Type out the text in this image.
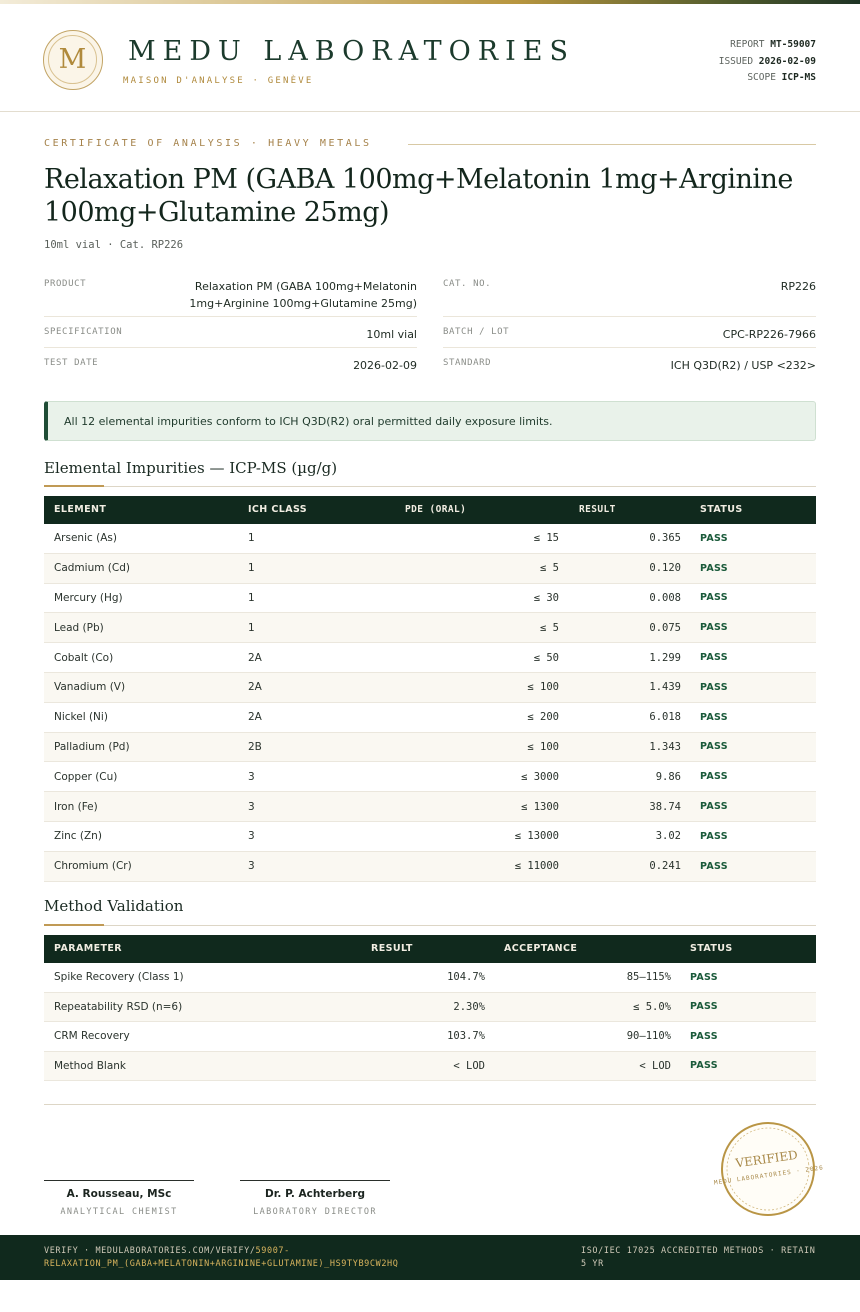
M	MEDU LABORATORIES
MAISON D'ANALYSE · GENÈVE
REPORT MT-59007
ISSUED 2026-02-09
SCOPE ICP-MS
CERTIFICATE OF ANALYSIS · HEAVY METALS
Relaxation PM (GABA 100mg+Melatonin 1mg+Arginine 100mg+Glutamine 25mg)
10ml vial · Cat. RP226
PRODUCT	Relaxation PM (GABA 100mg+Melatonin 1mg+Arginine 100mg+Glutamine 25mg)
SPECIFICATION	10ml vial
TEST DATE	2026-02-09
CAT. NO.	RP226
BATCH / LOT	CPC-RP226-7966
STANDARD	ICH Q3D(R2) / USP <232>
All 12 elemental impurities conform to ICH Q3D(R2) oral permitted daily exposure limits.
Elemental Impurities — ICP-MS (µg/g)
ELEMENT	ICH CLASS	PDE (ORAL)	RESULT	STATUS
Arsenic (As)	1	≤ 15	0.365 PASS
Cadmium (Cd)	1	≤ 5	0.120 PASS
Mercury (Hg)	1	≤ 30	0.008 PASS
Lead (Pb)	1	≤ 5	0.075 PASS
Cobalt (Co)	2A	≤ 50	1.299 PASS
Vanadium (V)	2A	≤ 100	1.439 PASS
Nickel (Ni)	2A	≤ 200	6.018 PASS
Palladium (Pd)	2B	≤ 100	1.343 PASS
Copper (Cu)	3	≤ 3000	9.86 PASS
Iron (Fe)	3	≤ 1300	38.74 PASS
Zinc (Zn)	3	≤ 13000	3.02 PASS
Chromium (Cr)	3	≤ 11000	0.241 PASS
Method Validation
PARAMETER	RESULT	ACCEPTANCE	STATUS
Spike Recovery (Class 1)	104.7%	85–115% PASS
Repeatability RSD (n=6)	2.30%	≤ 5.0% PASS
CRM Recovery	103.7%	90–110% PASS
Method Blank	< LOD	< LOD PASS
A. Rousseau, MSc
ANALYTICAL CHEMIST
Dr. P. Achterberg
LABORATORY DIRECTOR
VERIFIED
MEDU LABORATORIES · 2026
VERIFY · MEDULABORATORIES.COM/VERIFY/59007-RELAXATION_PM_(GABA+MELATONIN+ARGININE+GLUTAMINE)_HS9TYB9CW2HQ
ISO/IEC 17025 ACCREDITED METHODS · RETAIN 5 YR
